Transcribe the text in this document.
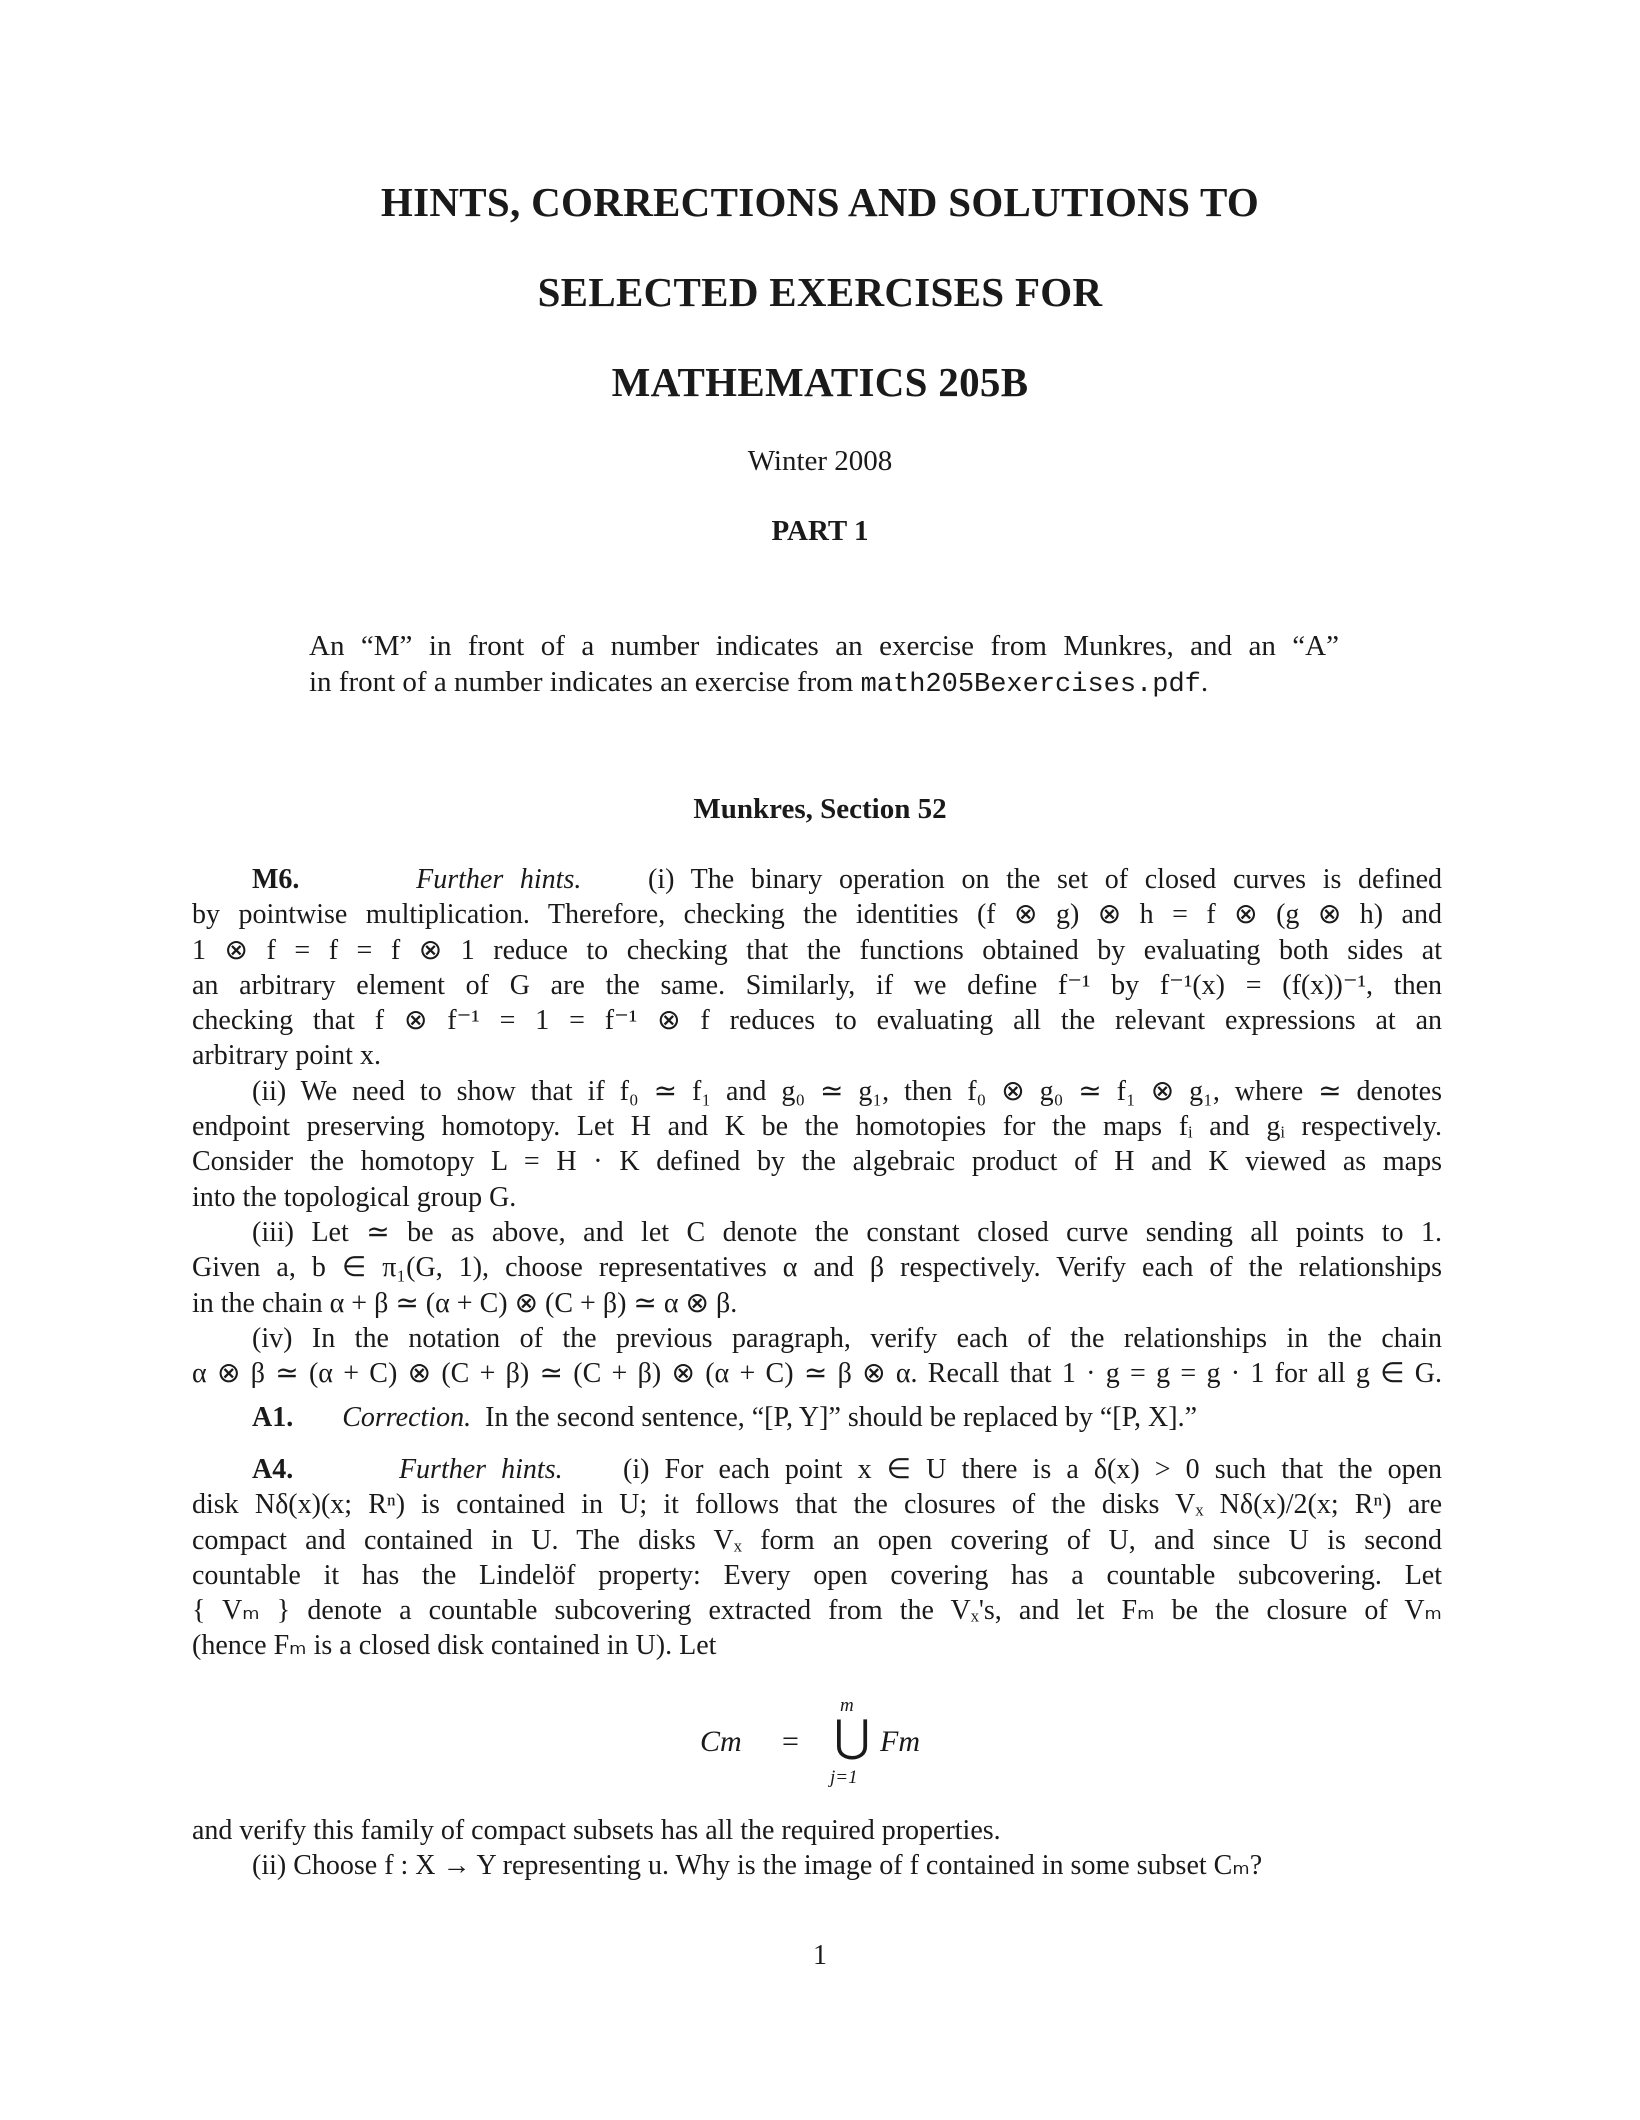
HINTS, CORRECTIONS AND SOLUTIONS TO
SELECTED EXERCISES FOR
MATHEMATICS 205B
Winter 2008
PART 1
An “M” in front of a number indicates an exercise from Munkres, and an “A”
in front of a number indicates an exercise from math205Bexercises.pdf.
Munkres, Section 52
M6.	Further hints. (i) The binary operation on the set of closed curves is defined
by pointwise multiplication. Therefore, checking the identities (f ⊗ g) ⊗ h = f ⊗ (g ⊗ h) and
1 ⊗ f = f = f ⊗ 1 reduce to checking that the functions obtained by evaluating both sides at
an arbitrary element of G are the same. Similarly, if we define f⁻¹ by f⁻¹(x) = (f(x))⁻¹, then
checking that f ⊗ f⁻¹ = 1 = f⁻¹ ⊗ f reduces to evaluating all the relevant expressions at an
arbitrary point x.
(ii) We need to show that if f₀ ≃ f₁ and g₀ ≃ g₁, then f₀ ⊗ g₀ ≃ f₁ ⊗ g₁, where ≃ denotes
endpoint preserving homotopy. Let H and K be the homotopies for the maps fᵢ and gᵢ respectively.
Consider the homotopy L = H · K defined by the algebraic product of H and K viewed as maps
into the topological group G.
(iii) Let ≃ be as above, and let C denote the constant closed curve sending all points to 1.
Given a, b ∈ π₁(G, 1), choose representatives α and β respectively. Verify each of the relationships
in the chain α + β ≃ (α + C) ⊗ (C + β) ≃ α ⊗ β.
(iv) In the notation of the previous paragraph, verify each of the relationships in the chain
α ⊗ β ≃ (α + C) ⊗ (C + β) ≃ (C + β) ⊗ (α + C) ≃ β ⊗ α. Recall that 1 · g = g = g · 1 for all g ∈ G.
A1. Correction. In the second sentence, “[P, Y]” should be replaced by “[P, X].”
A4.	Further hints. (i) For each point x ∈ U there is a δ(x) > 0 such that the open
disk Nδ(x)(x; Rⁿ) is contained in U; it follows that the closures of the disks Vₓ Nδ(x)/2(x; Rⁿ) are
compact and contained in U. The disks Vₓ form an open covering of U, and since U is second
countable it has the Lindelöf property: Every open covering has a countable subcovering. Let
{ Vₘ } denote a countable subcovering extracted from the Vₓ's, and let Fₘ be the closure of Vₘ
(hence Fₘ is a closed disk contained in U). Let
Cm =
m
⋃
j=1
Fm
and verify this family of compact subsets has all the required properties.
(ii) Choose f : X → Y representing u. Why is the image of f contained in some subset Cₘ?
1
